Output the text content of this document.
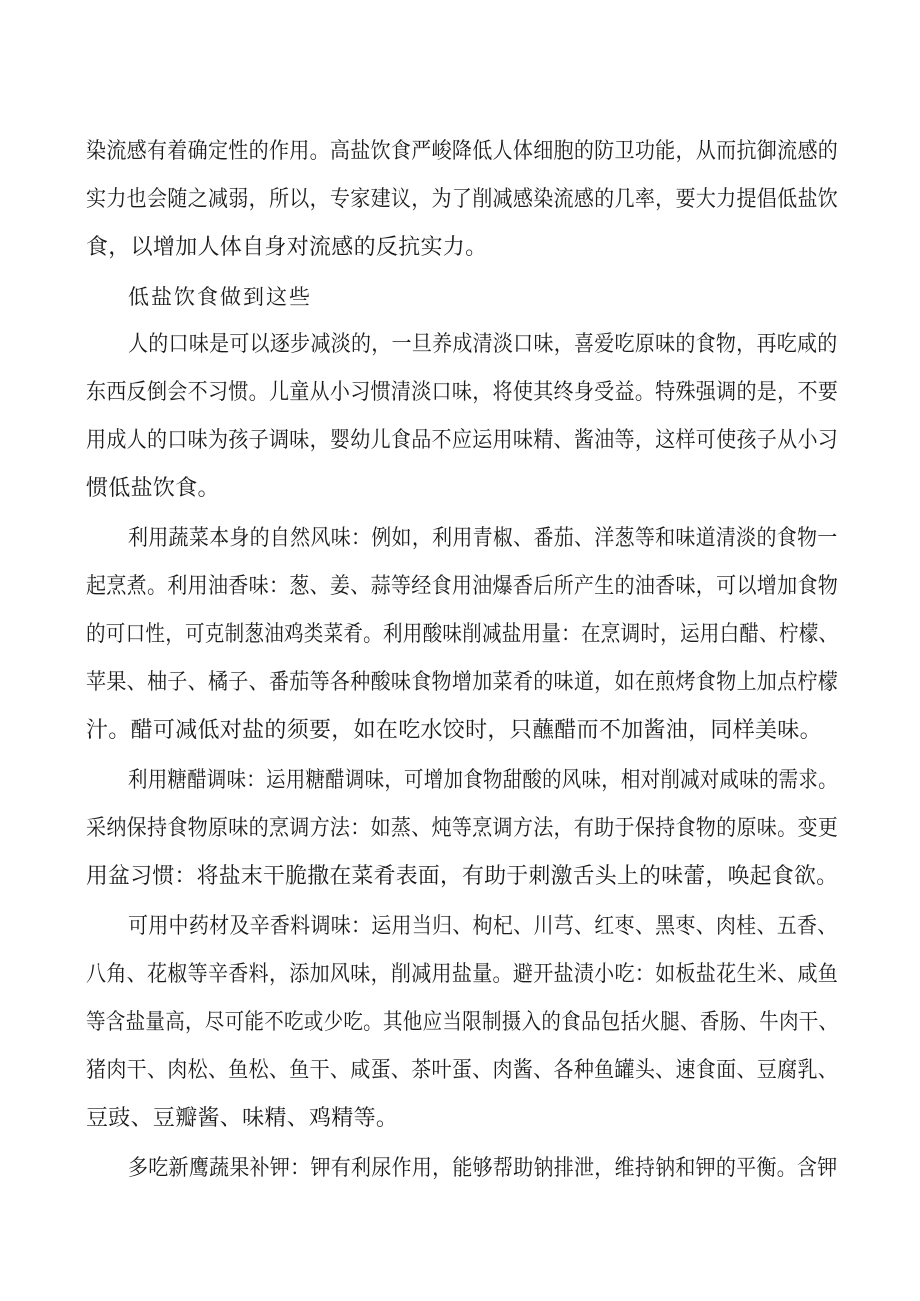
染流感有着确定性的作用。高盐饮食严峻降低人体细胞的防卫功能，从而抗御流感的
实力也会随之减弱，所以，专家建议，为了削减感染流感的几率，要大力提倡低盐饮
食，以增加人体自身对流感的反抗实力。
低盐饮食做到这些
人的口味是可以逐步减淡的，一旦养成清淡口味，喜爱吃原味的食物，再吃咸的
东西反倒会不习惯。儿童从小习惯清淡口味，将使其终身受益。特殊强调的是，不要
用成人的口味为孩子调味，婴幼儿食品不应运用味精、酱油等，这样可使孩子从小习
惯低盐饮食。
利用蔬菜本身的自然风味：例如，利用青椒、番茄、洋葱等和味道清淡的食物一
起烹煮。利用油香味：葱、姜、蒜等经食用油爆香后所产生的油香味，可以增加食物
的可口性，可克制葱油鸡类菜肴。利用酸味削减盐用量：在烹调时，运用白醋、柠檬、
苹果、柚子、橘子、番茄等各种酸味食物增加菜肴的味道，如在煎烤食物上加点柠檬
汁。醋可减低对盐的须要，如在吃水饺时，只蘸醋而不加酱油，同样美味。
利用糖醋调味：运用糖醋调味，可增加食物甜酸的风味，相对削减对咸味的需求。
采纳保持食物原味的烹调方法：如蒸、炖等烹调方法，有助于保持食物的原味。变更
用盆习惯：将盐末干脆撒在菜肴表面，有助于刺激舌头上的味蕾，唤起食欲。
可用中药材及辛香料调味：运用当归、枸杞、川芎、红枣、黑枣、肉桂、五香、
八角、花椒等辛香料，添加风味，削减用盐量。避开盐渍小吃：如板盐花生米、咸鱼
等含盐量高，尽可能不吃或少吃。其他应当限制摄入的食品包括火腿、香肠、牛肉干、
猪肉干、肉松、鱼松、鱼干、咸蛋、茶叶蛋、肉酱、各种鱼罐头、速食面、豆腐乳、
豆豉、豆瓣酱、味精、鸡精等。
多吃新鹰蔬果补钾：钾有利尿作用，能够帮助钠排泄，维持钠和钾的平衡。含钾
